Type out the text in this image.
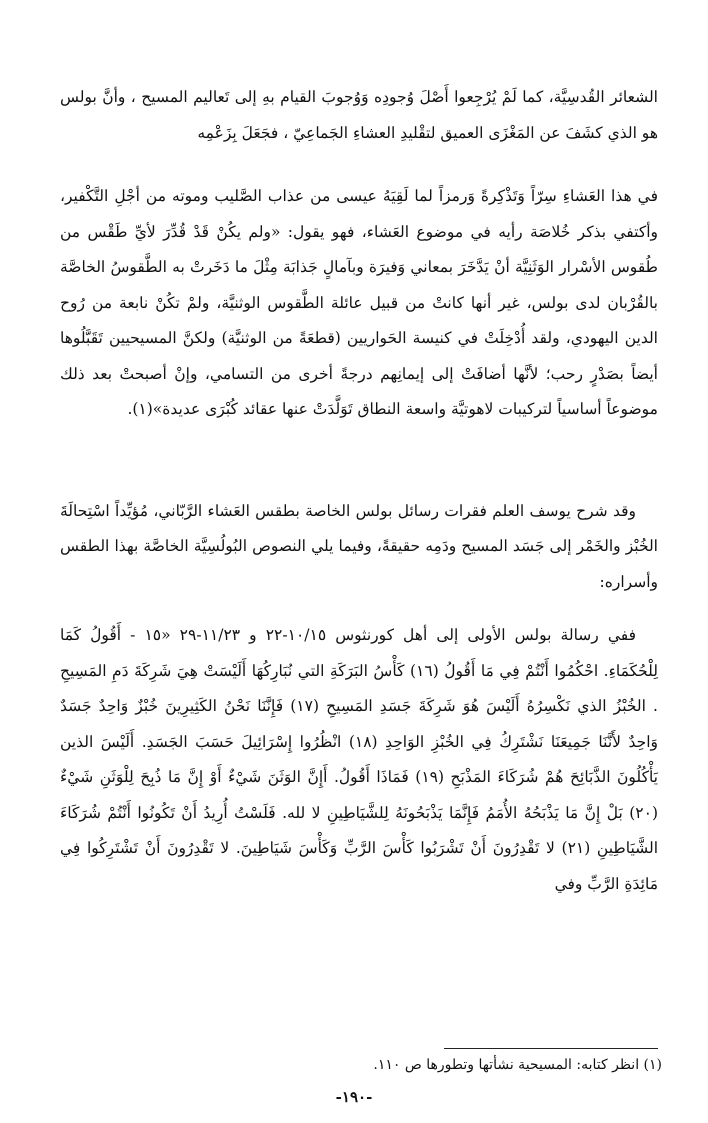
الشعائر القُدسِيَّة، كما لَمْ يُرْجِعوا أَصْلَ وُجودِه وَوُجوبَ القيام بهِ إلى تَعاليم المسيح ، وأنَّ بولس هو الذي كشَفَ عن المَغْزَى العميق لتقْليدِ العشاءِ الجَماعِيّ ، فجَعَلَ بِزَعْمِه

في هذا العَشاءِ سِرّاً وَتَذْكِرةً وَرمزاً لما لَقِيَهُ عيسى من عذاب الصَّليب وموته من أجْلِ التَّكْفير، وأكتفي بذكر خُلاصَة رأيه في موضوع العَشاء، فهو يقول: «ولم يكُنْ قَدْ قُدِّرَ لأيِّ طَقْس من طُقوس الأسْرار الوَثَنِيَّة أنْ يَدَّخَرَ بمعاني وَفيرَة وبآمالٍ جَذابَة مِثْلَ ما دَخَرتْ به الطَّقوسُ الخاصَّة بالقُرْبان لدى بولس، غير أنها كانتْ من قبيل عائلة الطَّقوس الوثنيَّة، ولمْ تكُنْ نابعة من رُوح الدين اليهودي، ولقد أُدْخِلَتْ في كنيسة الحَواريين (قطعَةً من الوثنيَّة) ولكنَّ المسيحيين تَقَبَّلُوها أيضاً بصَدْرٍ رحب؛ لأنَّها أضافَتْ إلى إيمانِهم درجةً أخرى من التسامي، وإنْ أصبحتْ بعد ذلك موضوعاً أساسياً لتركيبات لاهوتيَّة واسعة النطاق تَوَلَّدَتْ عنها عقائد كُبْرَى عديدة»(١).

وقد شرح يوسف العلم فقرات رسائل بولس الخاصة بطقس العَشاء الرَّبّاني، مُؤيِّداً اسْتِحالَةَ الخُبْز والخَمْر إلى جَسَد المسيح ودَمِه حقيقةً، وفيما يلي النصوص البُولُسِيَّة الخاصَّة بهذا الطقس وأسراره:

ففي رسالة بولس الأولى إلى أهل كورنثوس ١٠/١٥-٢٢ و ١١/٢٣-٢٩ «١٥ - أَقُولُ كَمَا لِلْحُكَمَاءِ. احْكُمُوا أَنْتُمْ فِي مَا أَقُولُ (١٦) كَأْسُ البَرَكَةِ التي نُبَارِكُهَا أَلَيْسَتْ هِيَ شَرِكَةَ دَمِ المَسِيحِ . الخُبْزُ الذي نَكْسِرُهُ أَلَيْسَ هُوَ شَرِكَةَ جَسَدِ المَسِيحِ (١٧) فَإِنَّنَا نَحْنُ الكَثِيرِينَ خُبْزٌ وَاحِدٌ جَسَدٌ وَاحِدٌ لأَنَّنَا جَمِيعَنَا نَشْتَرِكُ فِي الخُبْزِ الوَاحِدِ (١٨) انْظُرُوا إِسْرَائِيلَ حَسَبَ الجَسَدِ. أَلَيْسَ الذين يَأْكُلُونَ الذَّبَائِحَ هُمْ شُرَكَاءَ المَذْبَحِ (١٩) فَمَاذَا أَقُولُ. أَإِنَّ الوَثَنَ شَيْءٌ أَوْ إِنَّ مَا ذُبِحَ لِلْوَثَنِ شَيْءٌ (٢٠) بَلْ إِنَّ مَا يَذْبَحُهُ الأُمَمُ فَإِنَّمَا يَذْبَحُونَهُ لِلشَّيَاطِينِ لا لله. فَلَسْتُ أُرِيدُ أَنْ تَكُونُوا أَنْتُمْ شُرَكَاءَ الشَّيَاطِينِ (٢١) لا تَقْدِرُونَ أَنْ تَشْرَبُوا كَأْسَ الرَّبِّ وَكَأْسَ شَيَاطِينَ. لا تَقْدِرُونَ أَنْ تَشْتَرِكُوا فِي مَائِدَةِ الرَّبِّ وفي

(١) انظر كتابه: المسيحية نشأتها وتطورها ص ١١٠.
-١٩٠-
